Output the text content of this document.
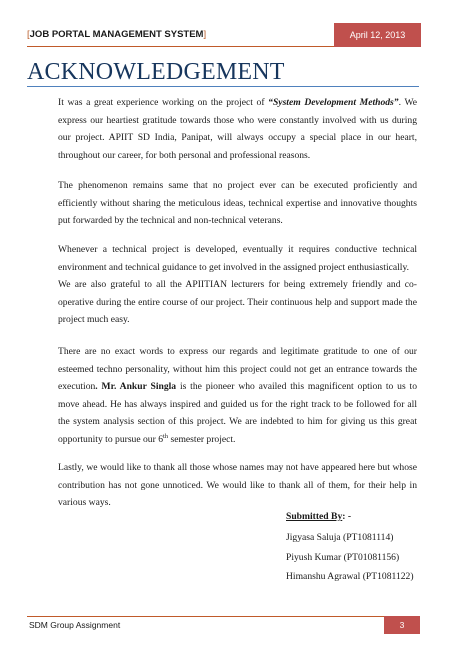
[JOB PORTAL MANAGEMENT SYSTEM]	April 12, 2013
ACKNOWLEDGEMENT

It was a great experience working on the project of “System Development Methods”. We
express our heartiest gratitude towards those who were constantly involved with us during
our project. APIIT SD India, Panipat, will always occupy a special place in our heart,
throughout our career, for both personal and professional reasons.

The phenomenon remains same that no project ever can be executed proficiently and
efficiently without sharing the meticulous ideas, technical expertise and innovative thoughts
put forwarded by the technical and non-technical veterans.

Whenever a technical project is developed, eventually it requires conductive technical
environment and technical guidance to get involved in the assigned project enthusiastically.
We are also grateful to all the APIITIAN lecturers for being extremely friendly and co-
operative during the entire course of our project. Their continuous help and support made the
project much easy.

There are no exact words to express our regards and legitimate gratitude to one of our
esteemed techno personality, without him this project could not get an entrance towards the
execution. Mr. Ankur Singla is the pioneer who availed this magnificent option to us to
move ahead. He has always inspired and guided us for the right track to be followed for all
the system analysis section of this project. We are indebted to him for giving us this great
opportunity to pursue our 6th semester project.

Lastly, we would like to thank all those whose names may not have appeared here but whose
contribution has not gone unnoticed. We would like to thank all of them, for their help in
various ways.

Submitted By: -
Jigyasa Saluja (PT1081114)
Piyush Kumar (PT01081156)
Himanshu Agrawal (PT1081122)
SDM Group Assignment	3
